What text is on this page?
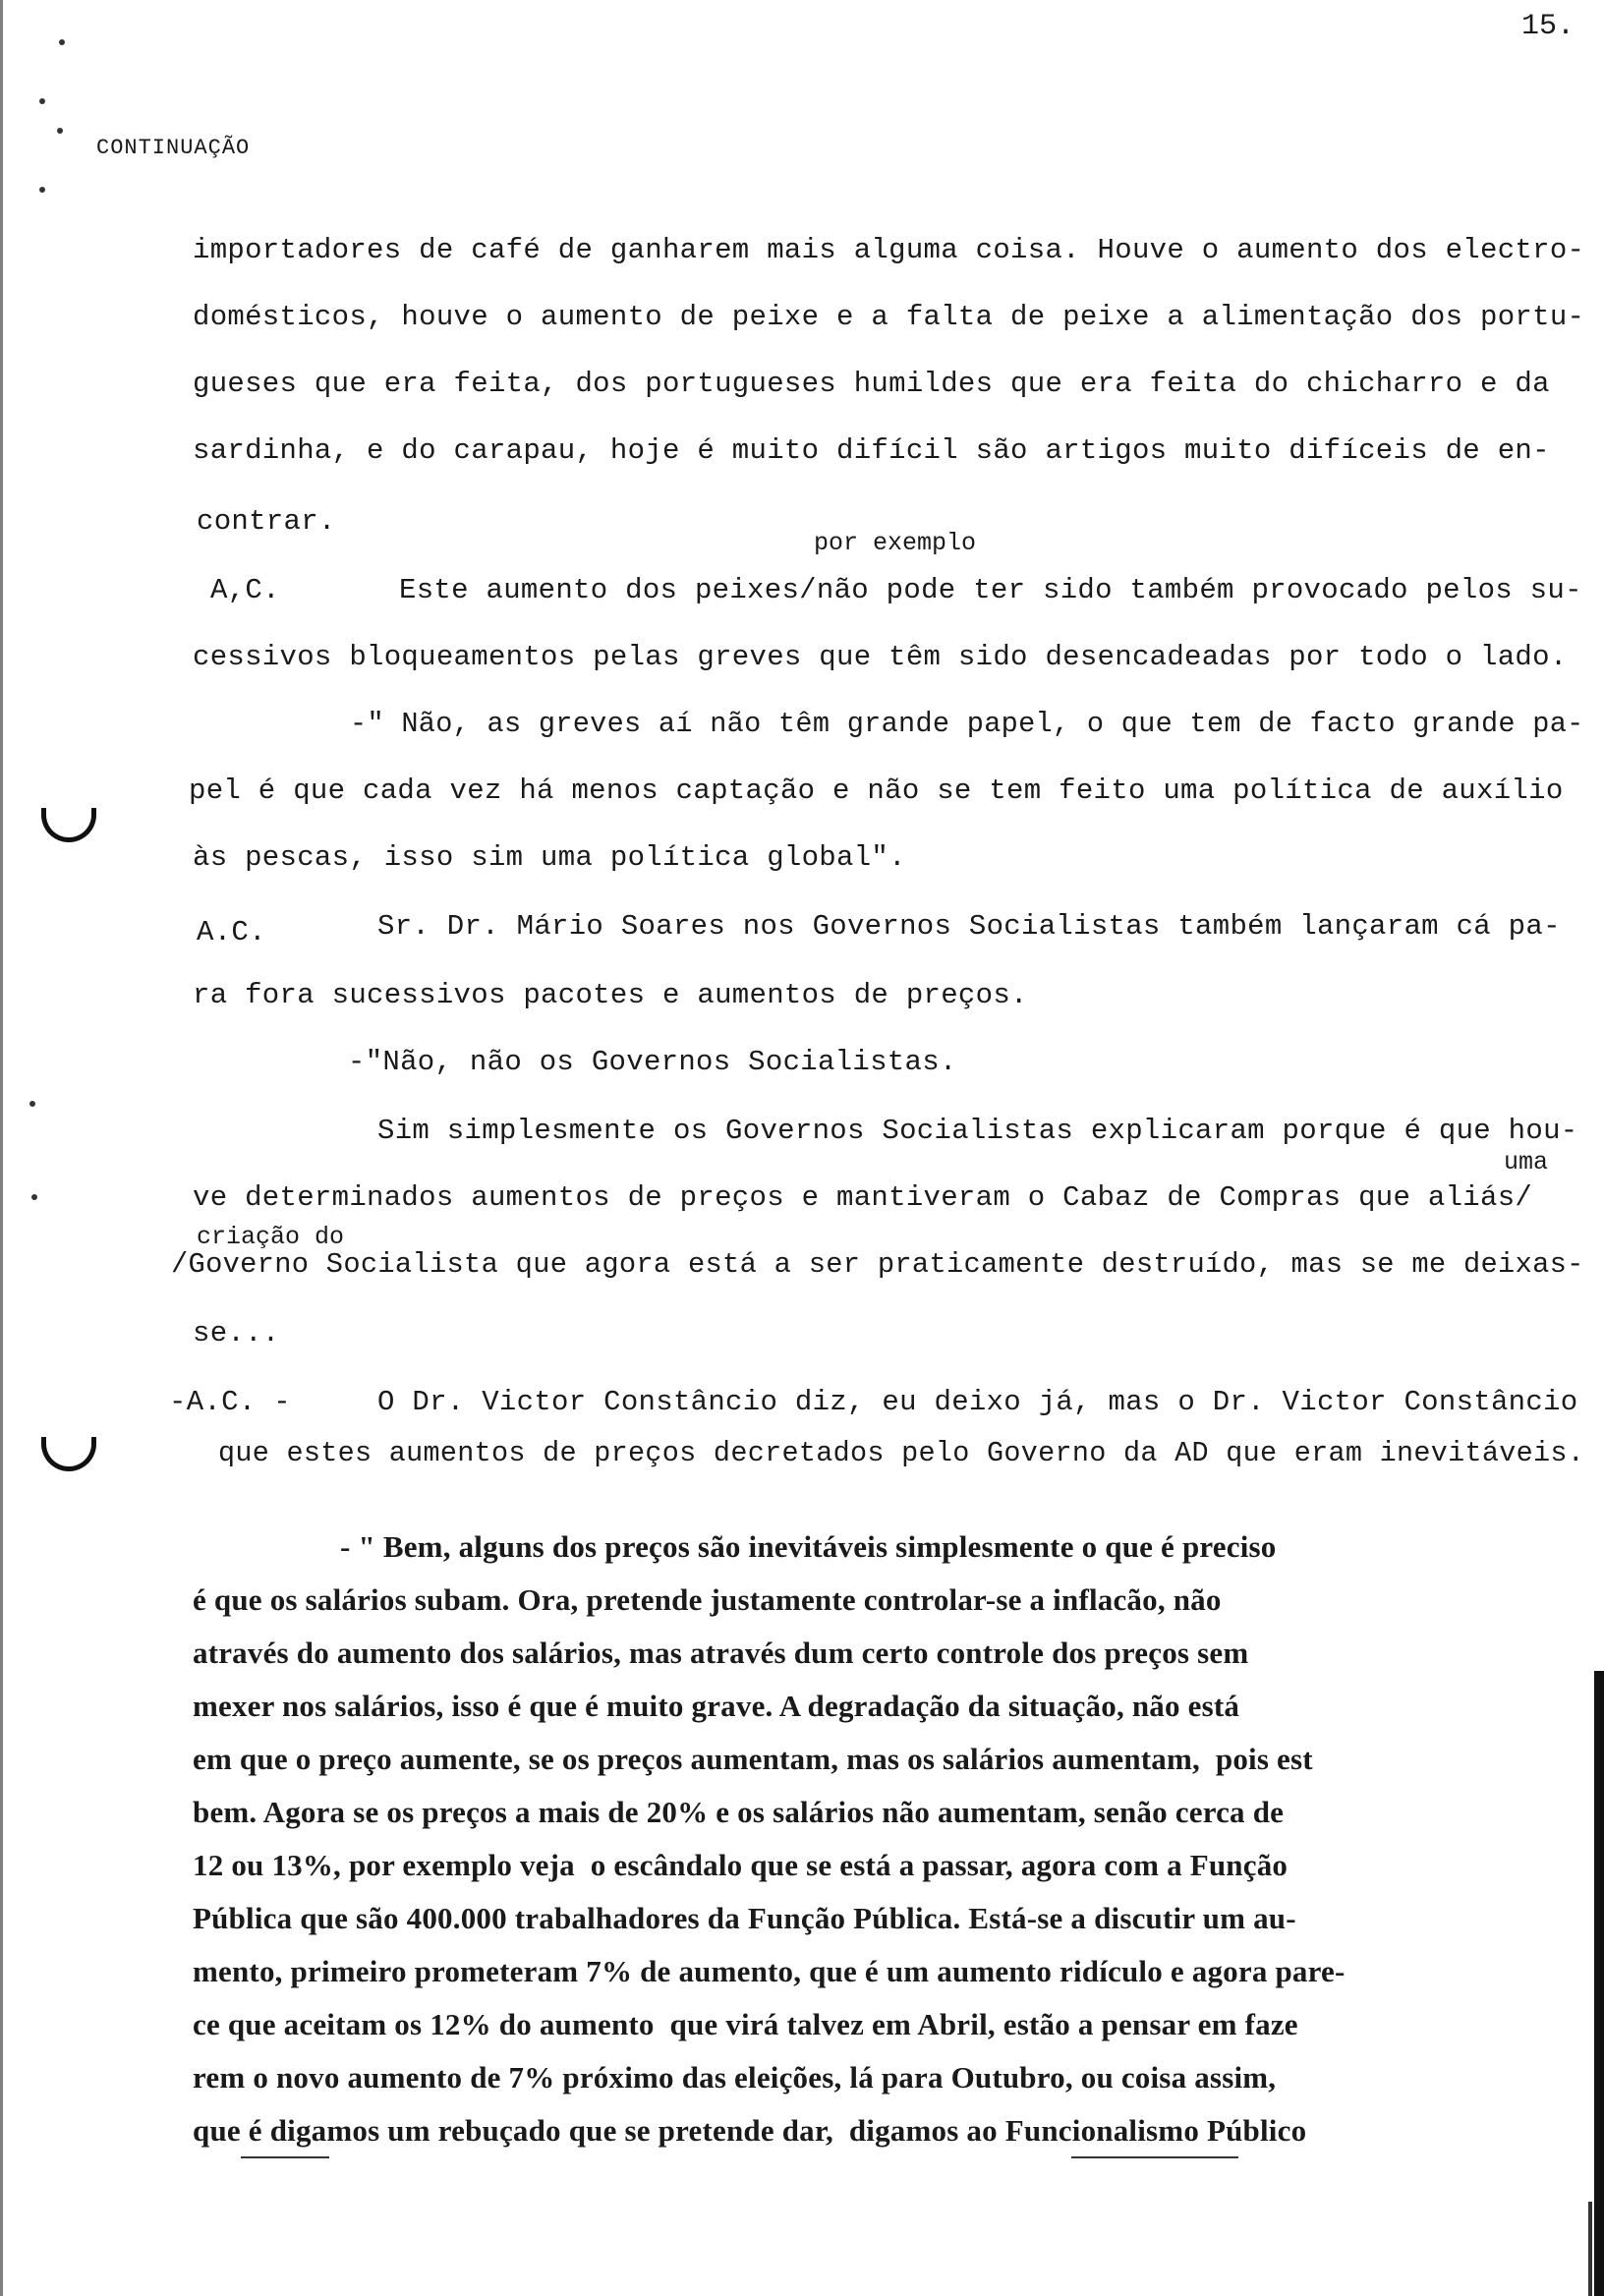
15.
CONTINUAÇÃO
importadores de café de ganharem mais alguma coisa. Houve o aumento dos electro-
domésticos, houve o aumento de peixe e a falta de peixe a alimentação dos portu-
gueses que era feita, dos portugueses humildes que era feita do chicharro e da
sardinha, e do carapau, hoje é muito difícil são artigos muito difíceis de en-
contrar.
por exemplo
A,C.	Este aumento dos peixes/não pode ter sido também provocado pelos su-
cessivos bloqueamentos pelas greves que têm sido desencadeadas por todo o lado.
-" Não, as greves aí não têm grande papel, o que tem de facto grande pa-
pel é que cada vez há menos captação e não se tem feito uma política de auxílio
às pescas, isso sim uma política global".
A.C.	Sr. Dr. Mário Soares nos Governos Socialistas também lançaram cá pa-
ra fora sucessivos pacotes e aumentos de preços.
-"Não, não os Governos Socialistas.
Sim simplesmente os Governos Socialistas explicaram porque é que hou-
uma
ve determinados aumentos de preços e mantiveram o Cabaz de Compras que aliás/
criação do
/Governo Socialista que agora está a ser praticamente destruído, mas se me deixas-
se...
-A.C. -	O Dr. Victor Constâncio diz, eu deixo já, mas o Dr. Victor Constâncio
que estes aumentos de preços decretados pelo Governo da AD que eram inevitáveis.
- " Bem, alguns dos preços são inevitáveis simplesmente o que é preciso
é que os salários subam. Ora, pretende justamente controlar-se a inflacão, não
através do aumento dos salários, mas através dum certo controle dos preços sem
mexer nos salários, isso é que é muito grave. A degradação da situação, não está
em que o preço aumente, se os preços aumentam, mas os salários aumentam,  pois est
bem. Agora se os preços a mais de 20% e os salários não aumentam, senão cerca de
12 ou 13%, por exemplo veja  o escândalo que se está a passar, agora com a Função
Pública que são 400.000 trabalhadores da Função Pública. Está-se a discutir um au-
mento, primeiro prometeram 7% de aumento, que é um aumento ridículo e agora pare-
ce que aceitam os 12% do aumento  que virá talvez em Abril, estão a pensar em faze
rem o novo aumento de 7% próximo das eleições, lá para Outubro, ou coisa assim,
que é digamos um rebuçado que se pretende dar,  digamos ao Funcionalismo Público
